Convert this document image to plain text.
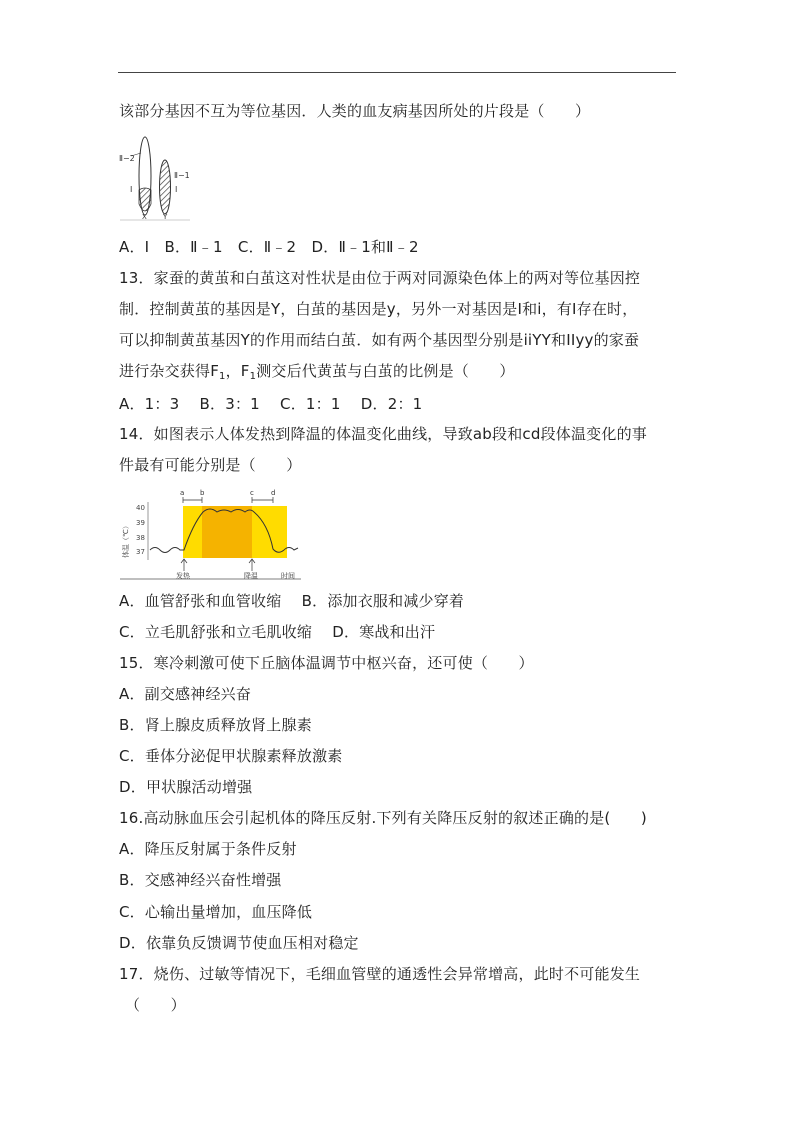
该部分基因不互为等位基因．人类的血友病基因所处的片段是（　　）
Ⅱ−2
Ⅱ−1
Ⅰ	Ⅰ
X Y
A．Ⅰ　B．Ⅱ﹣1　C．Ⅱ﹣2　D．Ⅱ﹣1和Ⅱ﹣2
13．家蚕的黄茧和白茧这对性状是由位于两对同源染色体上的两对等位基因控
制．控制黄茧的基因是Y，白茧的基因是y，另外一对基因是I和i，有I存在时，
可以抑制黄茧基因Y的作用而结白茧．如有两个基因型分别是iiYY和IIyy的家蚕
进行杂交获得$F_1$，$F_1$测交后代黄茧与白茧的比例是（　　）
A．1：3　 B．3：1　 C．1：1　 D．2：1
14．如图表示人体发热到降温的体温变化曲线，导致ab段和cd段体温变化的事
件最有可能分别是（　　）
体温（℃）
40
39
38
37
a b	c d
发热	降温	时间
A．血管舒张和血管收缩　 B．添加衣服和减少穿着
C．立毛肌舒张和立毛肌收缩　 D．寒战和出汗
15．寒冷刺激可使下丘脑体温调节中枢兴奋，还可使（　　）
A．副交感神经兴奋
B．肾上腺皮质释放肾上腺素
C．垂体分泌促甲状腺素释放激素
D．甲状腺活动增强
16.高动脉血压会引起机体的降压反射.下列有关降压反射的叙述正确的是(　　)
A．降压反射属于条件反射
B．交感神经兴奋性增强
C．心输出量增加，血压降低
D．依靠负反馈调节使血压相对稳定
17．烧伤、过敏等情况下，毛细血管壁的通透性会异常增高，此时不可能发生
（　　）
